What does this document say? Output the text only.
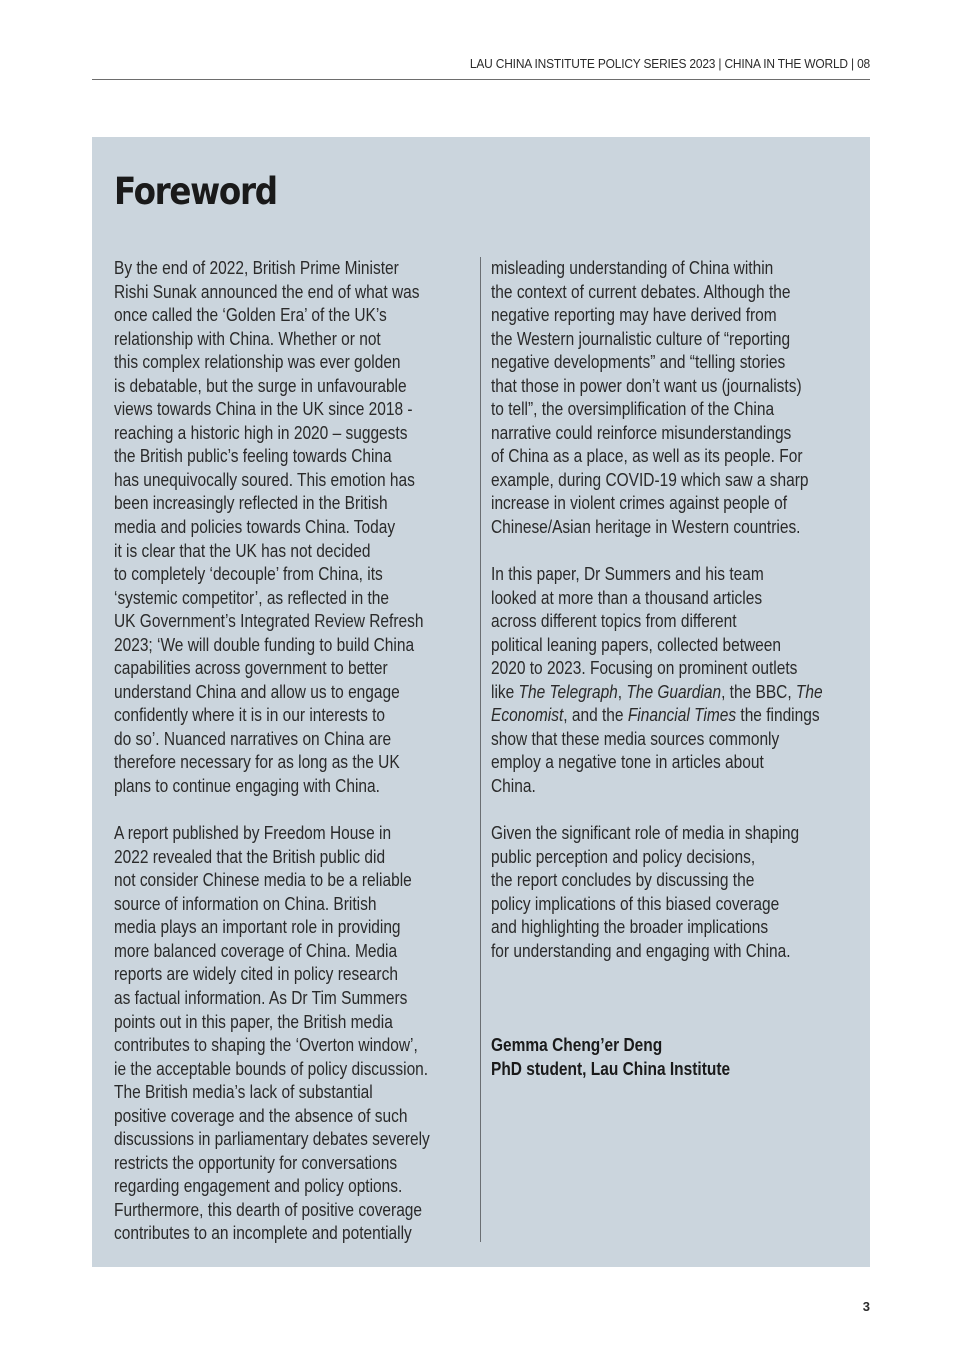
LAU CHINA INSTITUTE POLICY SERIES 2023 | CHINA IN THE WORLD | 08
Foreword
By the end of 2022, British Prime Minister
Rishi Sunak announced the end of what was
once called the ‘Golden Era’ of the UK’s
relationship with China. Whether or not
this complex relationship was ever golden
is debatable, but the surge in unfavourable
views towards China in the UK since 2018 -
reaching a historic high in 2020 – suggests
the British public’s feeling towards China
has unequivocally soured. This emotion has
been increasingly reflected in the British
media and policies towards China. Today
it is clear that the UK has not decided
to completely ‘decouple’ from China, its
‘systemic competitor’, as reflected in the
UK Government’s Integrated Review Refresh
2023; ‘We will double funding to build China
capabilities across government to better
understand China and allow us to engage
confidently where it is in our interests to
do so’. Nuanced narratives on China are
therefore necessary for as long as the UK
plans to continue engaging with China.
A report published by Freedom House in
2022 revealed that the British public did
not consider Chinese media to be a reliable
source of information on China. British
media plays an important role in providing
more balanced coverage of China. Media
reports are widely cited in policy research
as factual information. As Dr Tim Summers
points out in this paper, the British media
contributes to shaping the ‘Overton window’,
ie the acceptable bounds of policy discussion.
The British media’s lack of substantial
positive coverage and the absence of such
discussions in parliamentary debates severely
restricts the opportunity for conversations
regarding engagement and policy options.
Furthermore, this dearth of positive coverage
contributes to an incomplete and potentially
misleading understanding of China within
the context of current debates. Although the
negative reporting may have derived from
the Western journalistic culture of “reporting
negative developments” and “telling stories
that those in power don’t want us (journalists)
to tell”, the oversimplification of the China
narrative could reinforce misunderstandings
of China as a place, as well as its people. For
example, during COVID-19 which saw a sharp
increase in violent crimes against people of
Chinese/Asian heritage in Western countries.
In this paper, Dr Summers and his team
looked at more than a thousand articles
across different topics from different
political leaning papers, collected between
2020 to 2023. Focusing on prominent outlets
like The Telegraph, The Guardian, the BBC, The
Economist, and the Financial Times the findings
show that these media sources commonly
employ a negative tone in articles about
China.
Given the significant role of media in shaping
public perception and policy decisions,
the report concludes by discussing the
policy implications of this biased coverage
and highlighting the broader implications
for understanding and engaging with China.
Gemma Cheng’er Deng
PhD student, Lau China Institute
3
